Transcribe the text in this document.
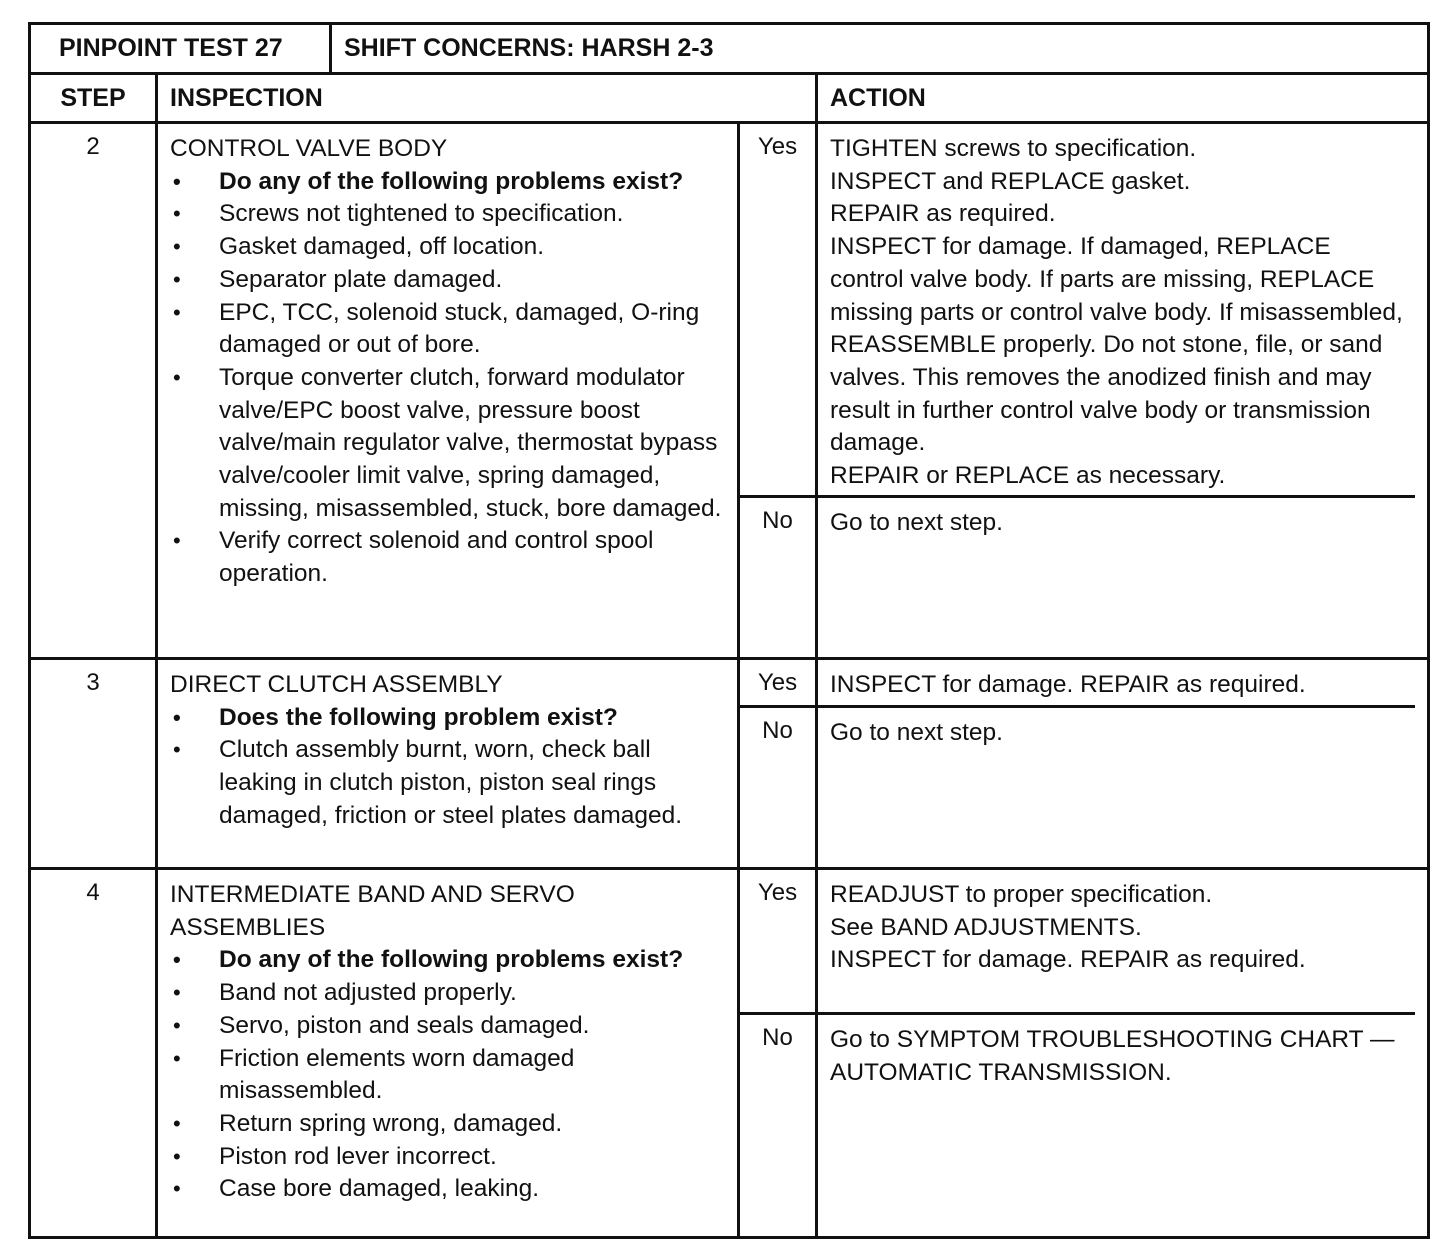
PINPOINT TEST 27	SHIFT CONCERNS: HARSH 2-3
STEP	INSPECTION	ACTION
2	CONTROL VALVE BODY
• Do any of the following problems exist?
• Screws not tightened to specification.
• Gasket damaged, off location.
• Separator plate damaged.
• EPC, TCC, solenoid stuck, damaged, O-ring damaged or out of bore.
• Torque converter clutch, forward modulator valve/EPC boost valve, pressure boost valve/main regulator valve, thermostat bypass valve/cooler limit valve, spring damaged, missing, misassembled, stuck, bore damaged.
• Verify correct solenoid and control spool operation.
Yes	TIGHTEN screws to specification.
INSPECT and REPLACE gasket.
REPAIR as required.
INSPECT for damage. If damaged, REPLACE control valve body. If parts are missing, REPLACE missing parts or control valve body. If misassembled, REASSEMBLE properly. Do not stone, file, or sand valves. This removes the anodized finish and may result in further control valve body or transmission damage.
REPAIR or REPLACE as necessary.
No	Go to next step.
3	DIRECT CLUTCH ASSEMBLY
• Does the following problem exist?
• Clutch assembly burnt, worn, check ball leaking in clutch piston, piston seal rings damaged, friction or steel plates damaged.
Yes	INSPECT for damage. REPAIR as required.
No	Go to next step.
4	INTERMEDIATE BAND AND SERVO ASSEMBLIES
• Do any of the following problems exist?
• Band not adjusted properly.
• Servo, piston and seals damaged.
• Friction elements worn damaged misassembled.
• Return spring wrong, damaged.
• Piston rod lever incorrect.
• Case bore damaged, leaking.
Yes	READJUST to proper specification.
See BAND ADJUSTMENTS.
INSPECT for damage. REPAIR as required.
No	Go to SYMPTOM TROUBLESHOOTING CHART — AUTOMATIC TRANSMISSION.
